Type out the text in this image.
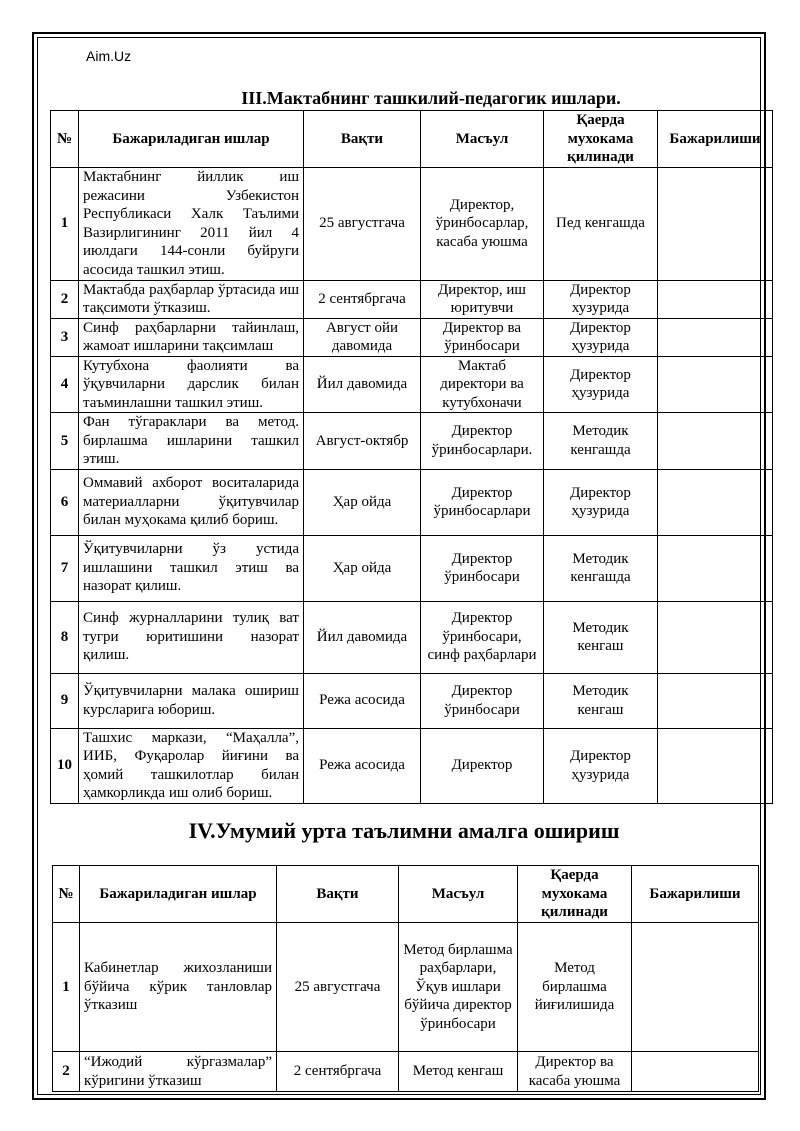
Aim.Uz
III.Мактабнинг ташкилий-педагогик ишлари.
№	Бажариладиган ишлар	Вақти	Масъул	Қаерда мухокама қилинади	Бажарилиши
1	Мактабнинг йиллик иш режасини Узбекистон Республикаси Халк Таълими Вазирлигининг 2011 йил 4 июлдаги 144-сонли буйруги асосида ташкил этиш.	25 августгача	Директор, ўринбосарлар, касаба уюшма	Пед кенгашда	
2	Мактабда раҳбарлар ўртасида иш тақсимоти ўтказиш.	2 сентябргача	Директор, иш юритувчи	Директор хузурида	
3	Синф раҳбарларни тайинлаш, жамоат ишларини тақсимлаш	Август ойи давомида	Директор ва ўринбосари	Директор ҳузурида	
4	Кутубхона фаолияти ва ўқувчиларни дарслик билан таъминлашни ташкил этиш.	Йил давомида	Мактаб директори ва кутубхоначи	Директор ҳузурида	
5	Фан тўгараклари ва метод. бирлашма ишларини ташкил этиш.	Август-октябр	Директор ўринбосарлари.	Методик кенгашда	
6	Оммавий ахборот воситаларида материалларни ўқитувчилар билан муҳокама қилиб бориш.	Ҳар ойда	Директор ўринбосарлари	Директор ҳузурида	
7	Ўқитувчиларни ўз устида ишлашини ташкил этиш ва назорат қилиш.	Ҳар ойда	Директор ўринбосари	Методик кенгашда	
8	Синф журналларини тулиқ ват тугри юритишини назорат қилиш.	Йил давомида	Директор ўринбосари, синф раҳбарлари	Методик кенгаш	
9	Ўқитувчиларни малака ошириш курсларига юбориш.	Режа асосида	Директор ўринбосари	Методик кенгаш	
10	Ташхис маркази, “Маҳалла”, ИИБ, Фуқаролар йиғини ва ҳомий ташкилотлар билан ҳамкорликда иш олиб бориш.	Режа асосида	Директор	Директор ҳузурида	
IV.Умумий урта таълимни амалга ошириш
№	Бажариладиган ишлар	Вақти	Масъул	Қаерда мухокама қилинади	Бажарилиши
1	Кабинетлар жихозланиши бўйича кўрик танловлар ўтказиш	25 августгача	Метод бирлашма раҳбарлари, Ўқув ишлари бўйича директор ўринбосари	Метод бирлашма йиғилишида	
2	“Ижодий кўргазмалар” кўригини ўтказиш	2 сентябргача	Метод кенгаш	Директор ва касаба уюшма	
